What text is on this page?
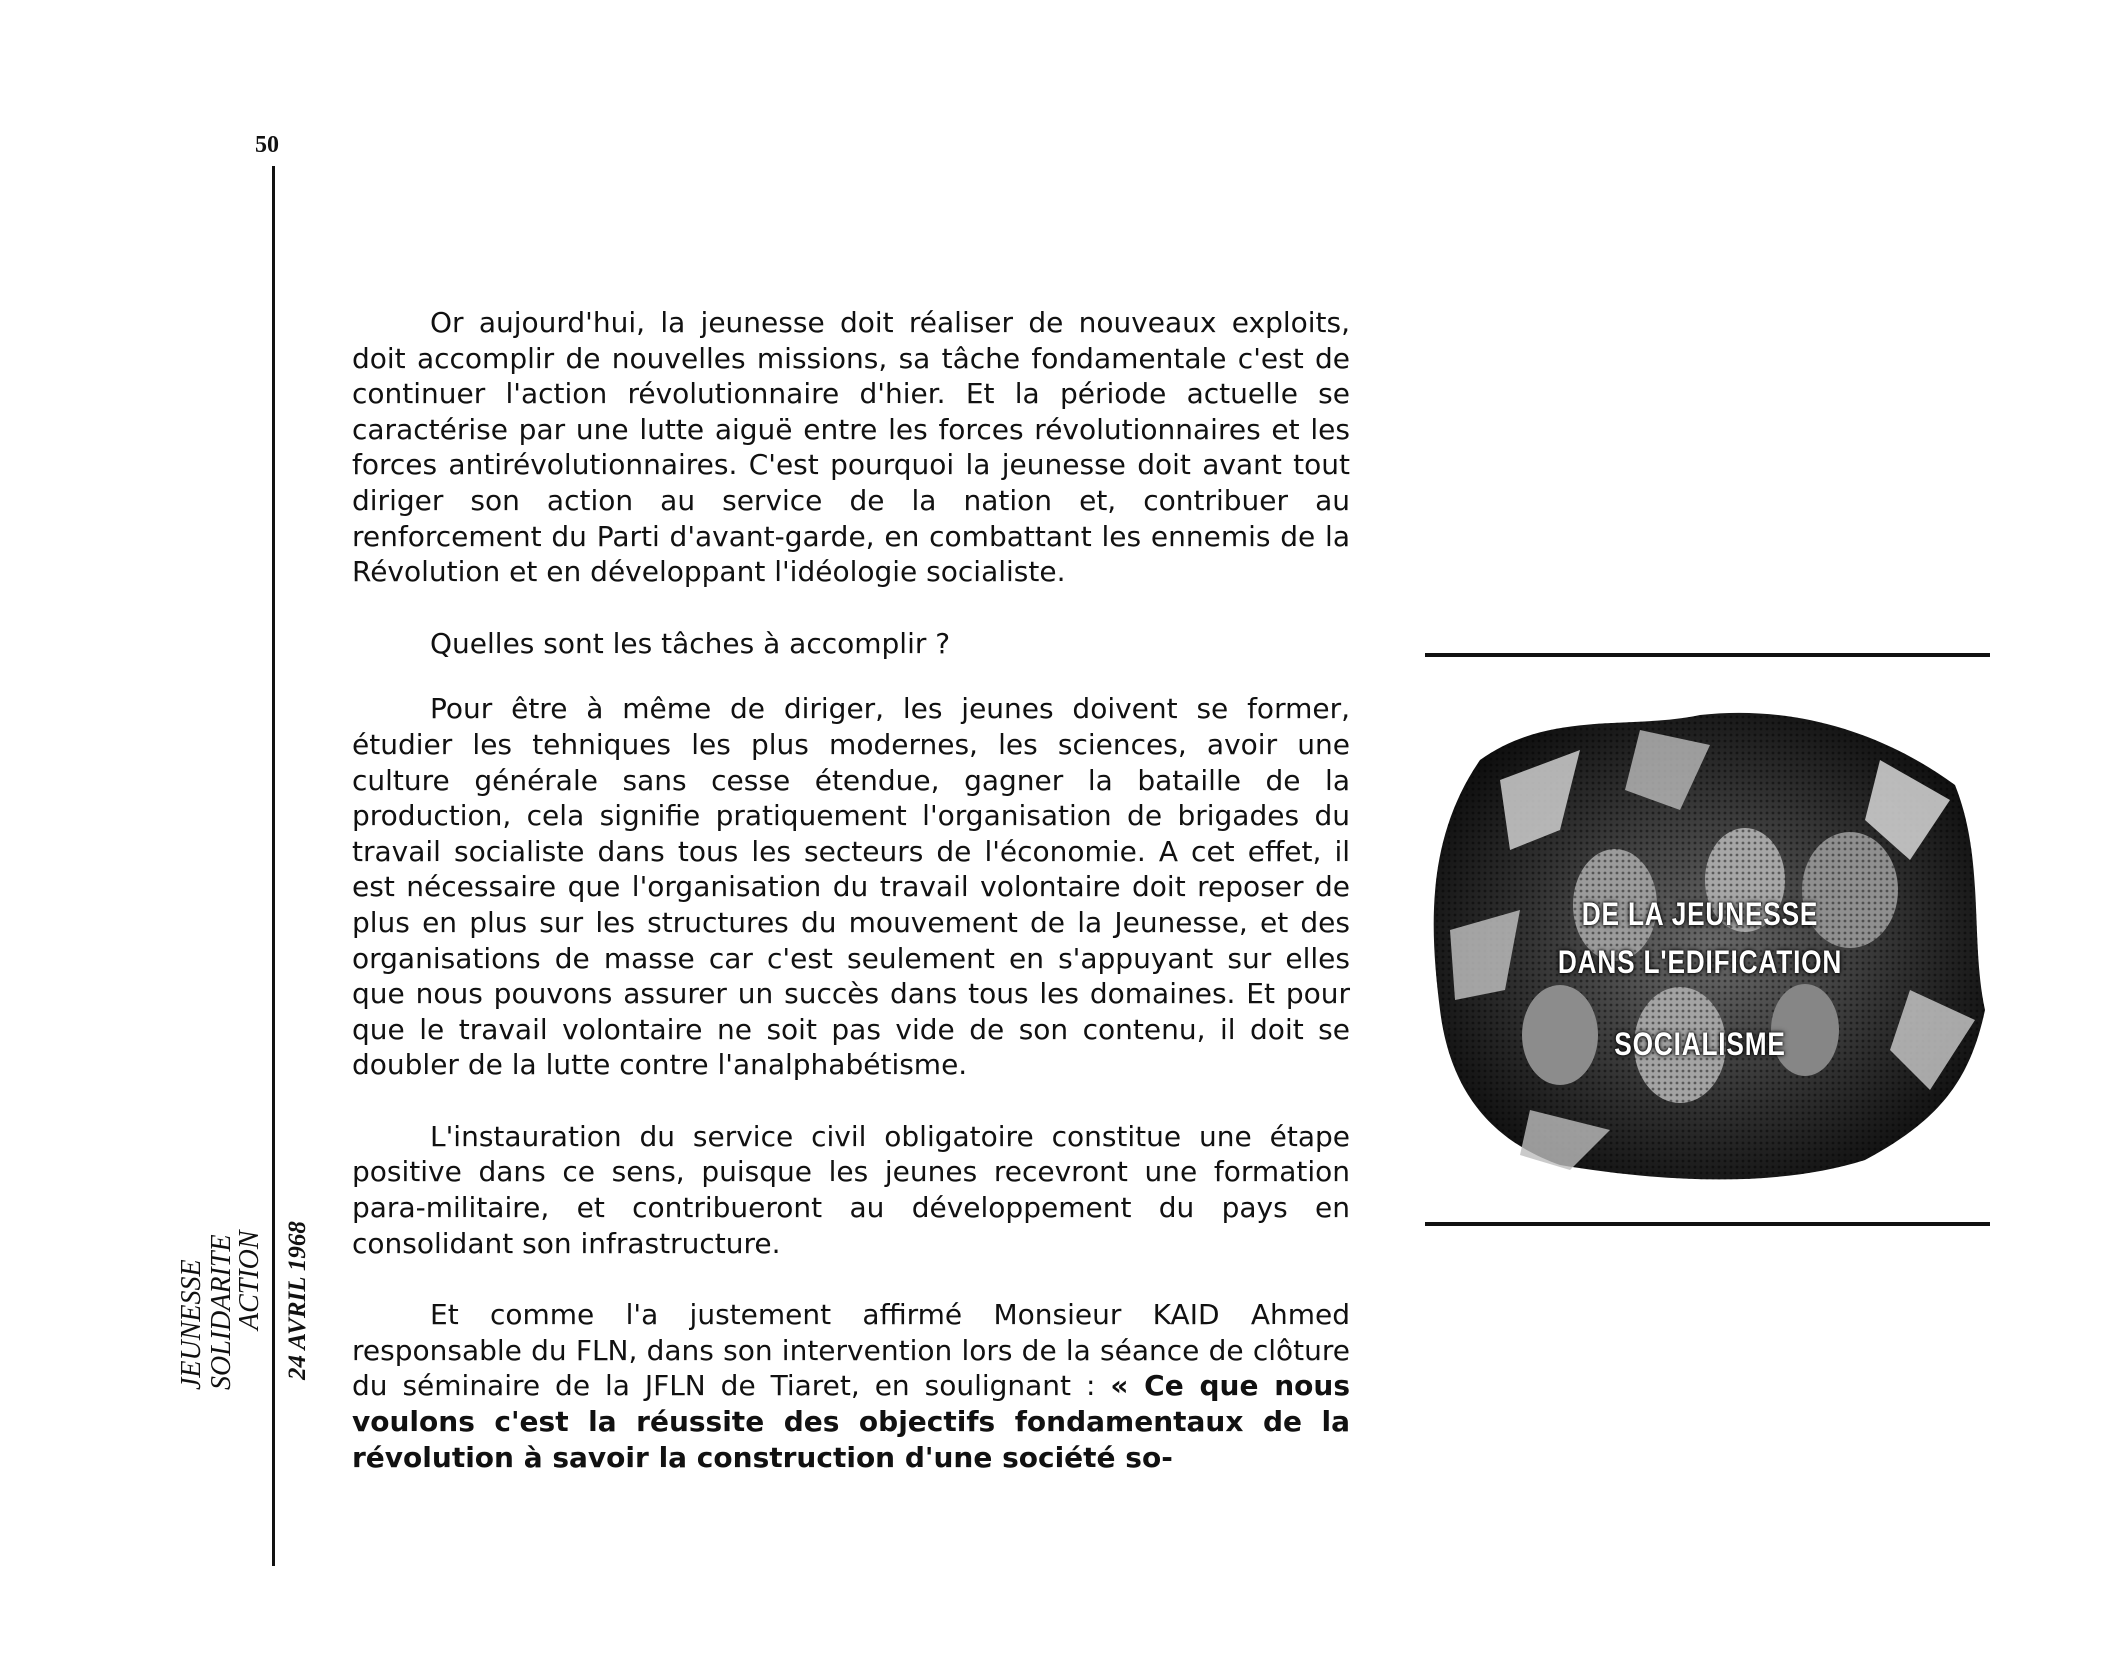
50
JEUNESSE SOLIDARITE
ACTION 24 AVRIL 1968

Or aujourd'hui, la jeunesse doit réaliser de nouveaux exploits, doit accomplir de nouvelles missions, sa tâche fondamentale c'est de continuer l'action révolutionnaire d'hier. Et la période actuelle se caractérise par une lutte aiguë entre les forces révolutionnaires et les forces antirévolutionnaires. C'est pourquoi la jeunesse doit avant tout diriger son action au service de la nation et, contribuer au renforcement du Parti d'avant-garde, en combattant les ennemis de la Révolution et en développant l'idéologie socialiste.

Quelles sont les tâches à accomplir ?

Pour être à même de diriger, les jeunes doivent se former, étudier les tehniques les plus modernes, les sciences, avoir une culture générale sans cesse étendue, gagner la bataille de la production, cela signifie pratiquement l'organisation de brigades du travail socialiste dans tous les secteurs de l'économie. A cet effet, il est nécessaire que l'organisation du travail volontaire doit reposer de plus en plus sur les structures du mouvement de la Jeunesse, et des organisations de masse car c'est seulement en s'appuyant sur elles que nous pouvons assurer un succès dans tous les domaines. Et pour que le travail volontaire ne soit pas vide de son contenu, il doit se doubler de la lutte contre l'analphabétisme.

L'instauration du service civil obligatoire constitue une étape positive dans ce sens, puisque les jeunes recevront une formation para-militaire, et contribueront au développement du pays en consolidant son infrastructure.

Et comme l'a justement affirmé Monsieur KAID Ahmed responsable du FLN, dans son intervention lors de la séance de clôture du séminaire de la JFLN de Tiaret, en soulignant : « Ce que nous voulons c'est la réussite des objectifs fondamentaux de la révolution à savoir la construction d'une société so-

DE LA JEUNESSE
DANS L'EDIFICATION
SOCIALISME
